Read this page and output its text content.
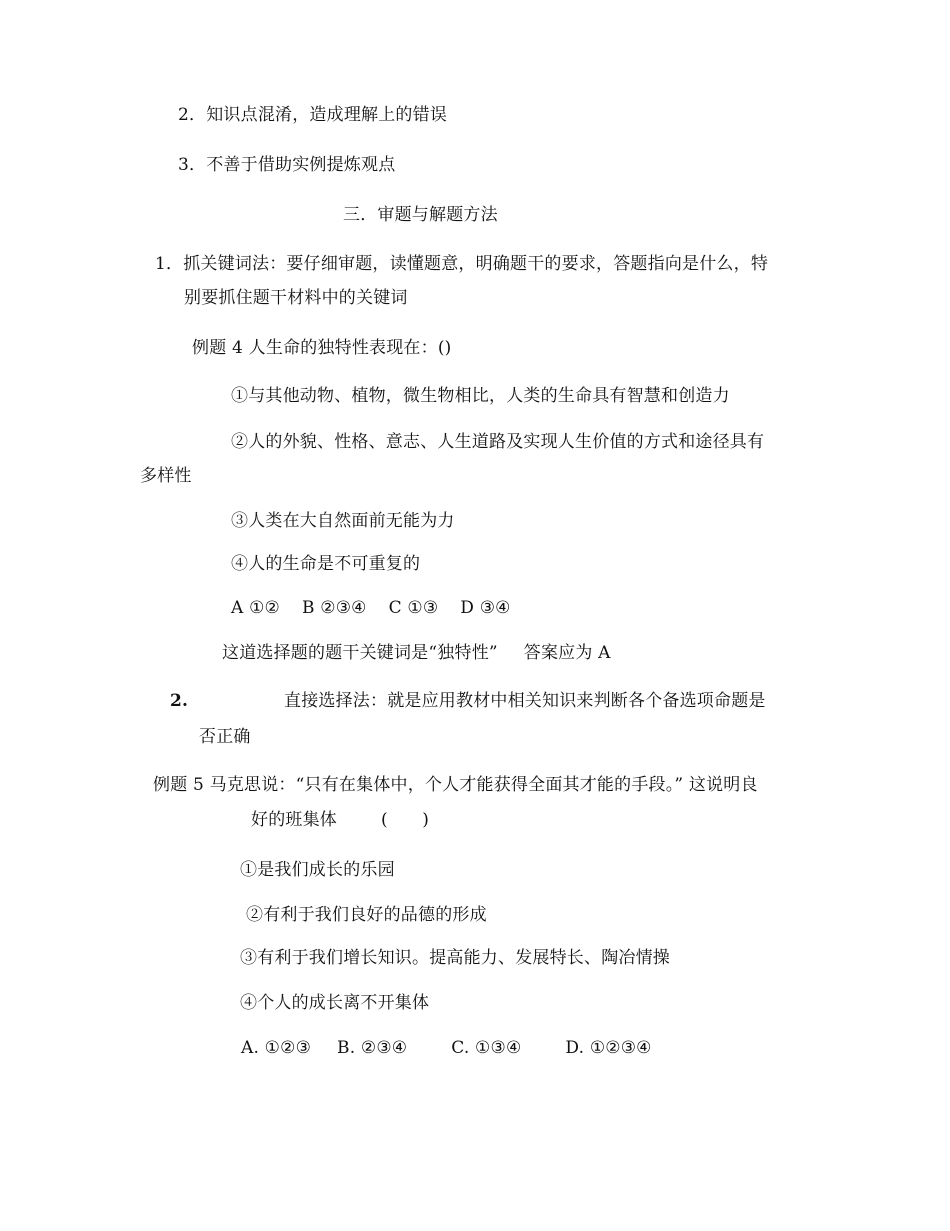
2．知识点混淆，造成理解上的错误
3．不善于借助实例提炼观点
三．审题与解题方法
1．抓关键词法：要仔细审题，读懂题意，明确题干的要求，答题指向是什么，特
别要抓住题干材料中的关键词
例题 4 人生命的独特性表现在：()
①与其他动物、植物，微生物相比，人类的生命具有智慧和创造力
②人的外貌、性格、意志、人生道路及实现人生价值的方式和途径具有
多样性
③人类在大自然面前无能为力
④人的生命是不可重复的
A ①② B ②③④ C ①③ D ③④
这道选择题的题干关键词是“独特性” 答案应为 A
2.	直接选择法：就是应用教材中相关知识来判断各个备选项命题是
否正确
例题 5 马克思说：“只有在集体中，个人才能获得全面其才能的手段。” 这说明良
好的班集体	(　　)
①是我们成长的乐园
②有利于我们良好的品德的形成
③有利于我们增长知识。提高能力、发展特长、陶冶情操
④个人的成长离不开集体
A. ①②③ B. ②③④	C. ①③④	D. ①②③④
